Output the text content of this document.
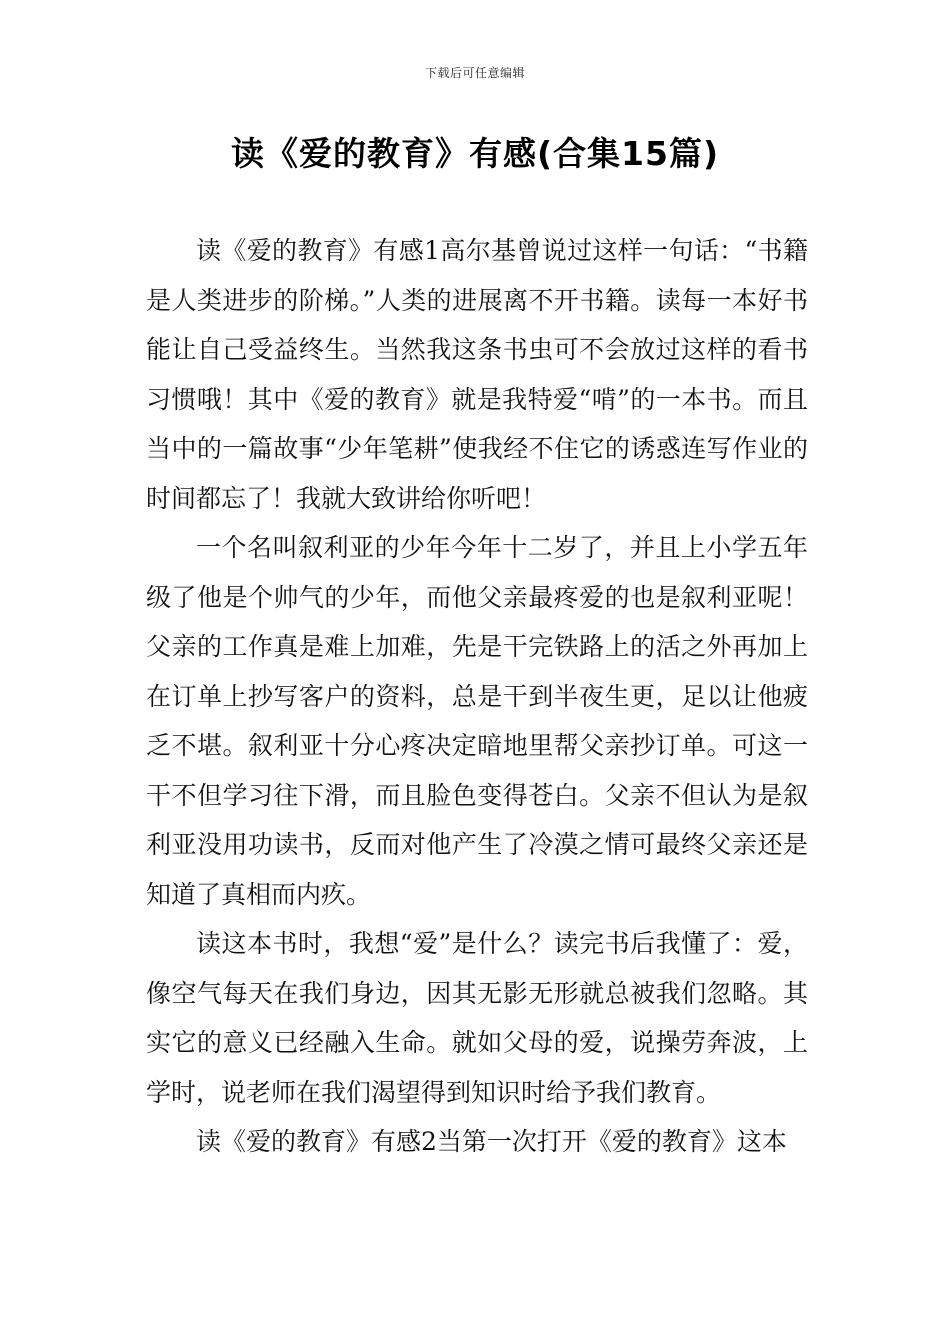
下载后可任意编辑
读《爱的教育》有感(合集15篇)

读《爱的教育》有感1高尔基曾说过这样一句话：“书籍是人类进步的阶梯。”人类的进展离不开书籍。读每一本好书能让自己受益终生。当然我这条书虫可不会放过这样的看书习惯哦！其中《爱的教育》就是我特爱“啃”的一本书。而且当中的一篇故事“少年笔耕”使我经不住它的诱惑连写作业的时间都忘了！我就大致讲给你听吧！

一个名叫叙利亚的少年今年十二岁了，并且上小学五年级了他是个帅气的少年，而他父亲最疼爱的也是叙利亚呢！父亲的工作真是难上加难，先是干完铁路上的活之外再加上在订单上抄写客户的资料，总是干到半夜生更，足以让他疲乏不堪。叙利亚十分心疼决定暗地里帮父亲抄订单。可这一干不但学习往下滑，而且脸色变得苍白。父亲不但认为是叙利亚没用功读书，反而对他产生了冷漠之情可最终父亲还是知道了真相而内疚。

读这本书时，我想“爱”是什么？读完书后我懂了：爱，像空气每天在我们身边，因其无影无形就总被我们忽略。其实它的意义已经融入生命。就如父母的爱，说操劳奔波，上学时，说老师在我们渴望得到知识时给予我们教育。

读《爱的教育》有感2当第一次打开《爱的教育》这本
